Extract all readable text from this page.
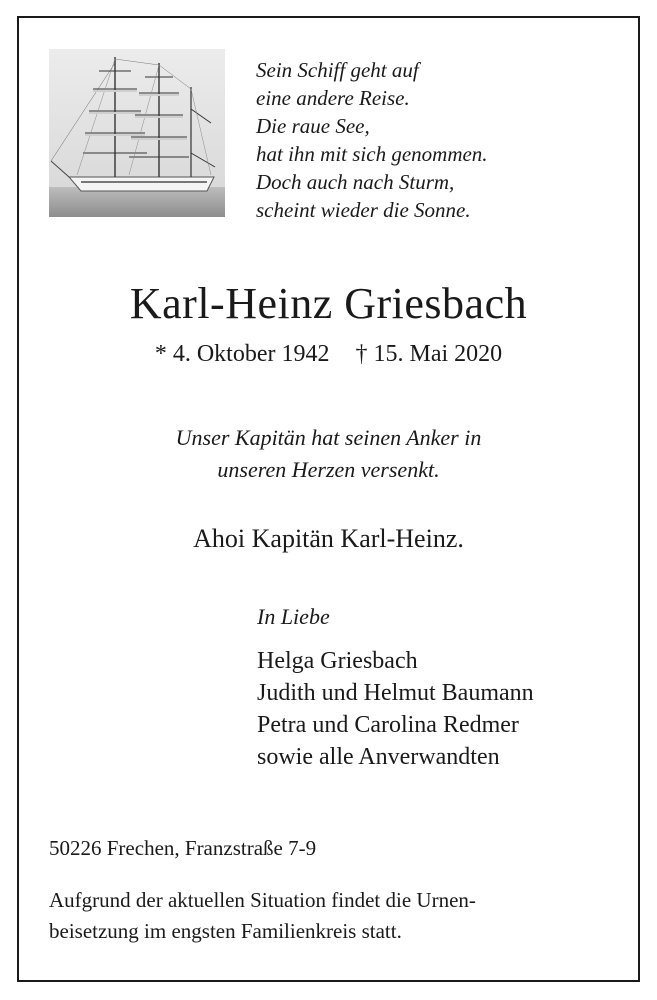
Sein Schiff geht auf
eine andere Reise.
Die raue See,
hat ihn mit sich genommen.
Doch auch nach Sturm,
scheint wieder die Sonne.
Karl-Heinz Griesbach
* 4. Oktober 1942 † 15. Mai 2020
Unser Kapitän hat seinen Anker in
unseren Herzen versenkt.
Ahoi Kapitän Karl-Heinz.
In Liebe
Helga Griesbach
Judith und Helmut Baumann
Petra und Carolina Redmer
sowie alle Anverwandten
50226 Frechen, Franzstraße 7-9
Aufgrund der aktuellen Situation findet die Urnen-
beisetzung im engsten Familienkreis statt.
